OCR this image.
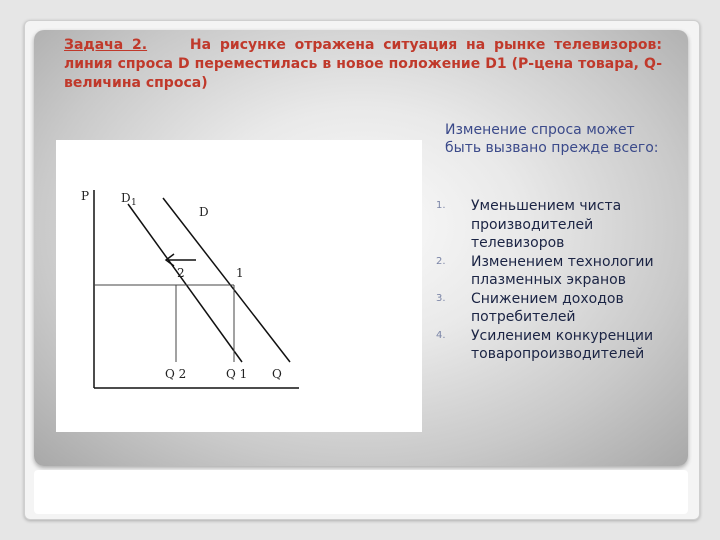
Задача 2.	На рисунке отражена ситуация на рынке телевизоров: линия спроса D переместилась в новое положение D1 (Р-цена товара, Q- величина спроса)
P	D 1
D
2	1
Q 2	Q 1 Q
Изменение спроса может быть вызвано прежде всего:
1.	Уменьшением чиста производителей телевизоров
2.	Изменением технологии плазменных экранов
3.	Снижением доходов потребителей
4.	Усилением конкуренции товаропроизводителей
